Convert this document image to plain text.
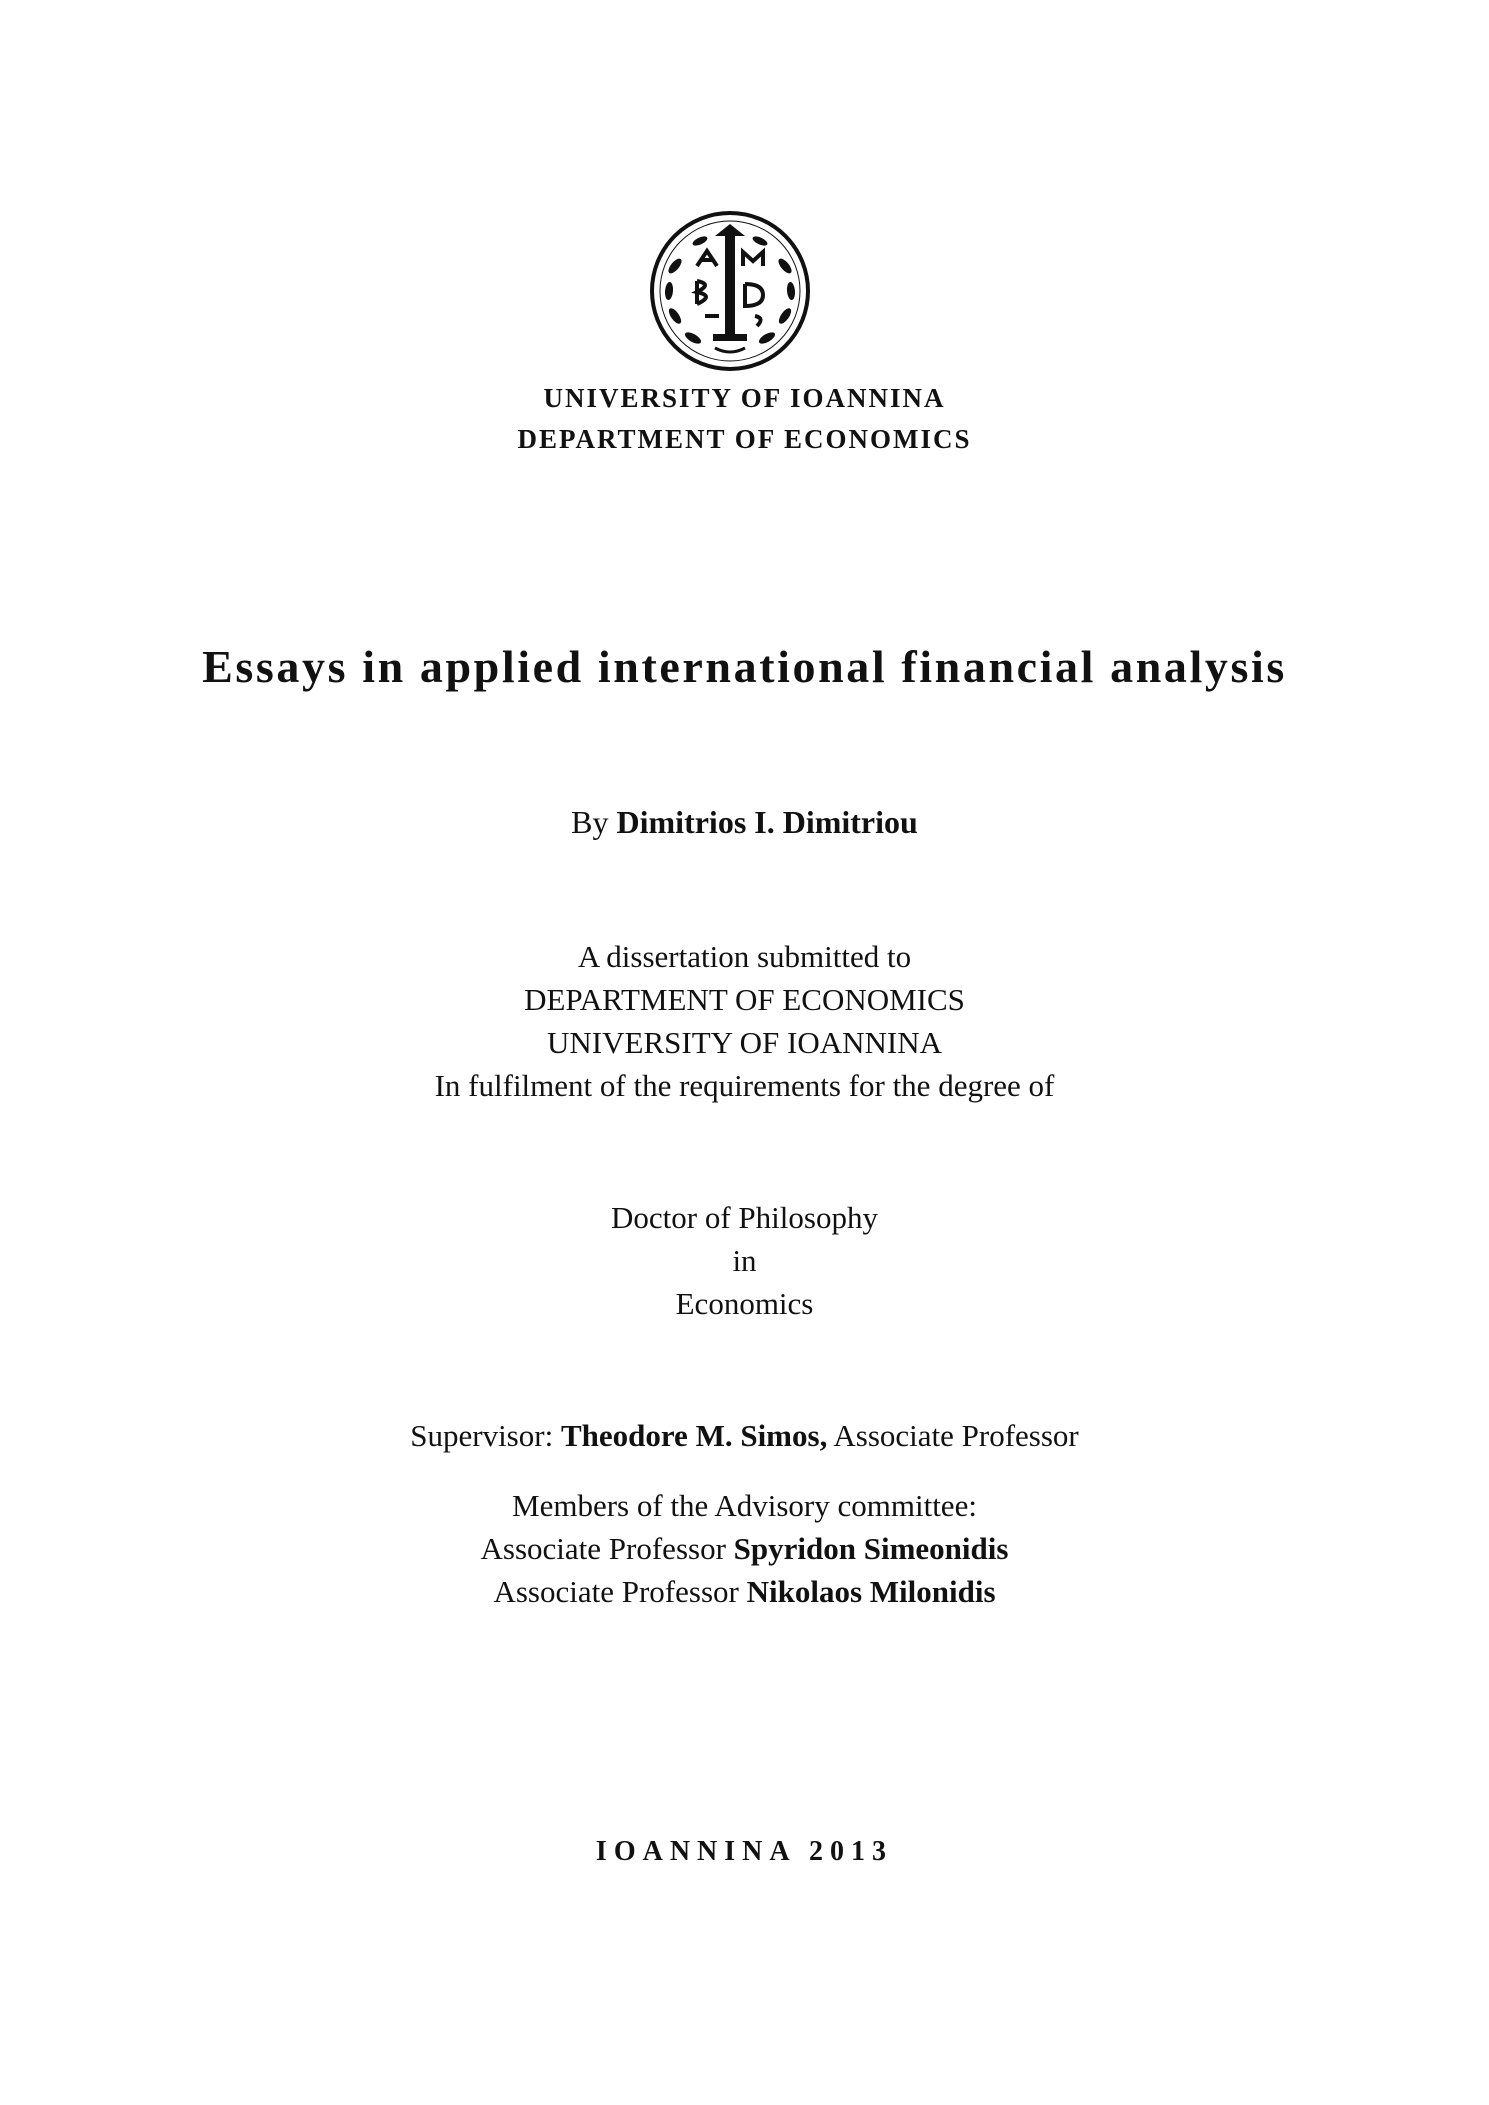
UNIVERSITY OF IOANNINA
DEPARTMENT OF ECONOMICS
Essays in applied international financial analysis
By Dimitrios I. Dimitriou
A dissertation submitted to
DEPARTMENT OF ECONOMICS
UNIVERSITY OF IOANNINA
In fulfilment of the requirements for the degree of
Doctor of Philosophy
in
Economics
Supervisor: Theodore M. Simos, Associate Professor
Members of the Advisory committee:
Associate Professor Spyridon Simeonidis
Associate Professor Nikolaos Milonidis
IOANNINA 2013
